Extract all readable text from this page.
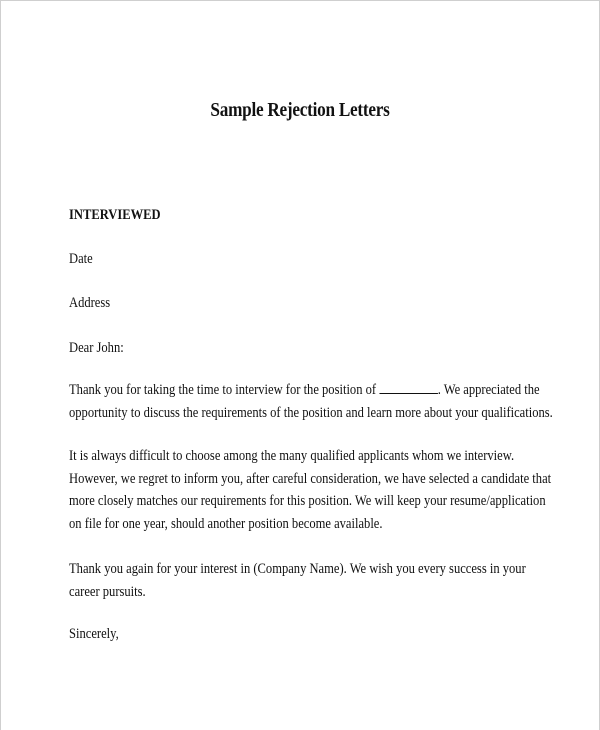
Sample Rejection Letters
INTERVIEWED
Date
Address
Dear John:
Thank you for taking the time to interview for the position of	. We appreciated the
opportunity to discuss the requirements of the position and learn more about your qualifications.
It is always difficult to choose among the many qualified applicants whom we interview.
However, we regret to inform you, after careful consideration, we have selected a candidate that
more closely matches our requirements for this position. We will keep your resume/application
on file for one year, should another position become available.
Thank you again for your interest in (Company Name). We wish you every success in your
career pursuits.
Sincerely,
